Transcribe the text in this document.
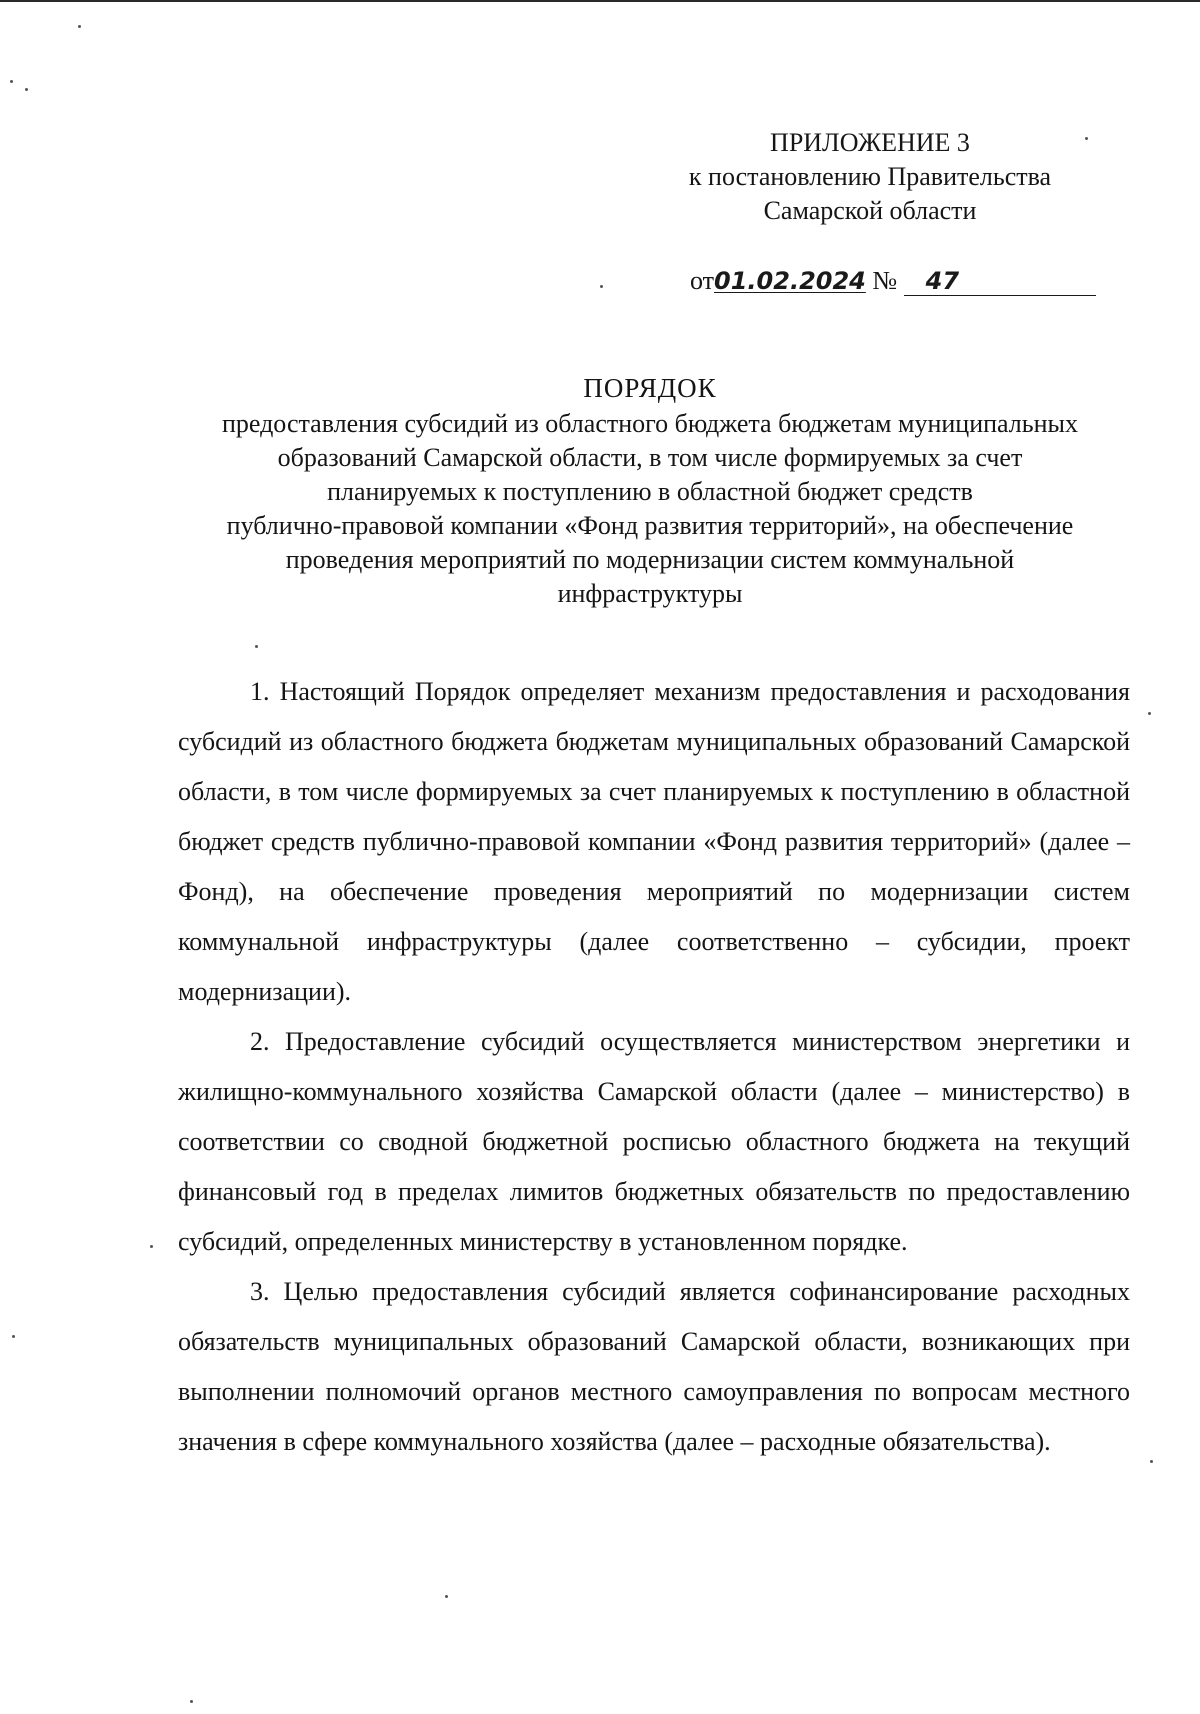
ПРИЛОЖЕНИЕ 3
к постановлению Правительства
Самарской области
от01.02.2024 № 47
ПОРЯДОК
предоставления субсидий из областного бюджета бюджетам муниципальных
образований Самарской области, в том числе формируемых за счет
планируемых к поступлению в областной бюджет средств
публично-правовой компании «Фонд развития территорий», на обеспечение
проведения мероприятий по модернизации систем коммунальной
инфраструктуры

1. Настоящий Порядок определяет механизм предоставления и расходования субсидий из областного бюджета бюджетам муниципальных образований Самарской области, в том числе формируемых за счет планируемых к поступлению в областной бюджет средств публично-правовой компании «Фонд развития территорий» (далее – Фонд), на обеспечение проведения мероприятий по модернизации систем коммунальной инфраструктуры (далее соответственно – субсидии, проект модернизации).

2. Предоставление субсидий осуществляется министерством энергетики и жилищно-коммунального хозяйства Самарской области (далее – министерство) в соответствии со сводной бюджетной росписью областного бюджета на текущий финансовый год в пределах лимитов бюджетных обязательств по предоставлению субсидий, определенных министерству в установленном порядке.

3. Целью предоставления субсидий является софинансирование расходных обязательств муниципальных образований Самарской области, возникающих при выполнении полномочий органов местного самоуправления по вопросам местного значения в сфере коммунального хозяйства (далее – расходные обязательства).
